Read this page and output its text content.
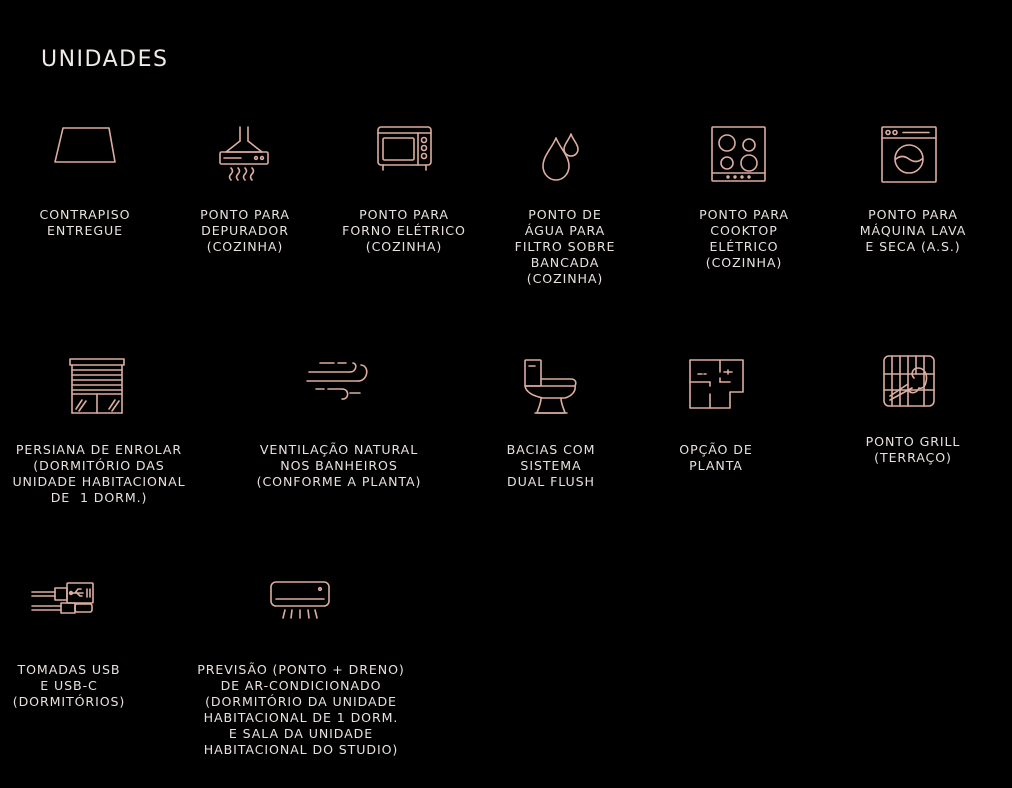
UNIDADES
CONTRAPISO
ENTREGUE
PONTO PARA
DEPURADOR
(COZINHA)
PONTO PARA
FORNO ELÉTRICO
(COZINHA)
PONTO DE
ÁGUA PARA
FILTRO SOBRE
BANCADA
(COZINHA)
PONTO PARA
COOKTOP
ELÉTRICO
(COZINHA)
PONTO PARA
MÁQUINA LAVA
E SECA (A.S.)
PERSIANA DE ENROLAR
(DORMITÓRIO DAS
UNIDADE HABITACIONAL
DE  1 DORM.)
VENTILAÇÃO NATURAL
NOS BANHEIROS
(CONFORME A PLANTA)
BACIAS COM
SISTEMA
DUAL FLUSH
OPÇÃO DE
PLANTA
PONTO GRILL
(TERRAÇO)
TOMADAS USB
E USB-C
(DORMITÓRIOS)
PREVISÃO (PONTO + DRENO)
DE AR-CONDICIONADO
(DORMITÓRIO DA UNIDADE
HABITACIONAL DE 1 DORM.
E SALA DA UNIDADE
HABITACIONAL DO STUDIO)
